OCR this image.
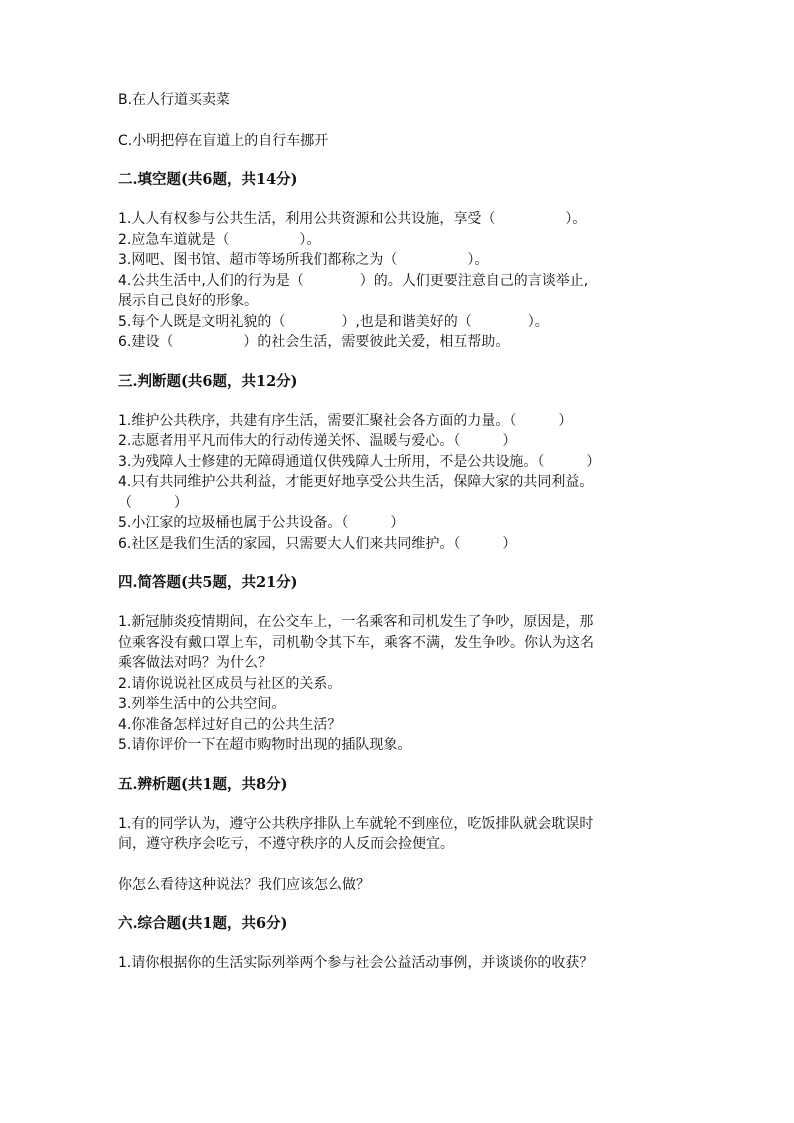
B.在人行道买卖菜
C.小明把停在盲道上的自行车挪开
二.填空题(共6题，共14分)
1.人人有权参与公共生活，利用公共资源和公共设施，享受（　　　　　）。
2.应急车道就是（　　　　　）。
3.网吧、图书馆、超市等场所我们都称之为（　　　　　）。
4.公共生活中,人们的行为是（　　　　）的。人们更要注意自己的言谈举止,
展示自己良好的形象。
5.每个人既是文明礼貌的（　　　　）,也是和谐美好的（　　　　）。
6.建设（　　　　　）的社会生活，需要彼此关爱，相互帮助。
三.判断题(共6题，共12分)
1.维护公共秩序，共建有序生活，需要汇聚社会各方面的力量。（　　　）
2.志愿者用平凡而伟大的行动传递关怀、温暖与爱心。（　　　）
3.为残障人士修建的无障碍通道仅供残障人士所用，不是公共设施。（　　　）
4.只有共同维护公共利益，才能更好地享受公共生活，保障大家的共同利益。
（　　　）
5.小江家的垃圾桶也属于公共设备。（　　　）
6.社区是我们生活的家园，只需要大人们来共同维护。（　　　）
四.简答题(共5题，共21分)
1.新冠肺炎疫情期间，在公交车上，一名乘客和司机发生了争吵，原因是，那
位乘客没有戴口罩上车，司机勒令其下车，乘客不满，发生争吵。你认为这名
乘客做法对吗？为什么？
2.请你说说社区成员与社区的关系。
3.列举生活中的公共空间。
4.你准备怎样过好自己的公共生活？
5.请你评价一下在超市购物时出现的插队现象。
五.辨析题(共1题，共8分)
1.有的同学认为，遵守公共秩序排队上车就轮不到座位，吃饭排队就会耽误时
间，遵守秩序会吃亏，不遵守秩序的人反而会捡便宜。
你怎么看待这种说法？我们应该怎么做？
六.综合题(共1题，共6分)
1.请你根据你的生活实际列举两个参与社会公益活动事例，并谈谈你的收获？
